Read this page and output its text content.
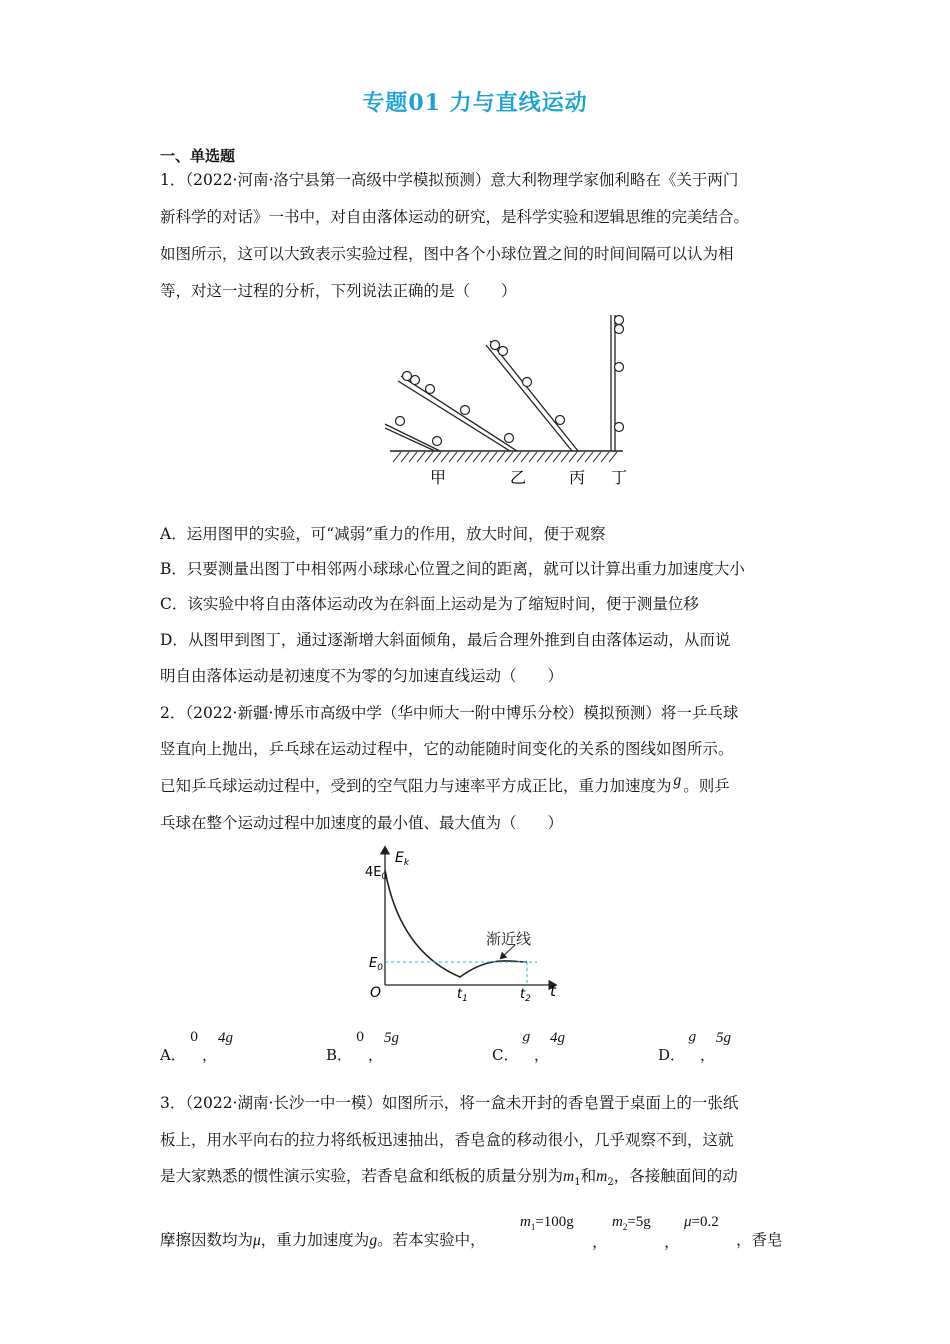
专题01 力与直线运动
一、单选题
1．（2022·河南·洛宁县第一高级中学模拟预测）意大利物理学家伽利略在《关于两门
新科学的对话》一书中，对自由落体运动的研究，是科学实验和逻辑思维的完美结合。
如图所示，这可以大致表示实验过程，图中各个小球位置之间的时间间隔可以认为相
等，对这一过程的分析，下列说法正确的是（　　）
甲	乙	丙 丁
A．运用图甲的实验，可“减弱”重力的作用，放大时间，便于观察
B．只要测量出图丁中相邻两小球球心位置之间的距离，就可以计算出重力加速度大小
C．该实验中将自由落体运动改为在斜面上运动是为了缩短时间，便于测量位移
D．从图甲到图丁，通过逐渐增大斜面倾角，最后合理外推到自由落体运动，从而说
明自由落体运动是初速度不为零的匀加速直线运动（　　）
2．（2022·新疆·博乐市高级中学（华中师大一附中博乐分校）模拟预测）将一乒乓球
竖直向上抛出，乒乓球在运动过程中，它的动能随时间变化的关系的图线如图所示。
已知乒乓球运动过程中，受到的空气阻力与速率平方成正比，重力加速度为 g 。则乒
乓球在整个运动过程中加速度的最小值、最大值为（　　）
渐近线
$E_k$
$4E_0$
$E_0$
O	$t_1$	$t_2$ t
A．
0
，
4g
B．
0
，
5g
C．
g
，
4g
D．
g
，
5g
3．（2022·湖南·长沙一中一模）如图所示，将一盒未开封的香皂置于桌面上的一张纸
板上，用水平向右的拉力将纸板迅速抽出，香皂盒的移动很小，几乎观察不到，这就
是大家熟悉的惯性演示实验，若香皂盒和纸板的质量分别为$m_1$和$m_2$，各接触面间的动
摩擦因数均为μ，重力加速度为g。若本实验中，
$m_1=100g$
，
$m_2=5g$
，
μ=0.2
，香皂
